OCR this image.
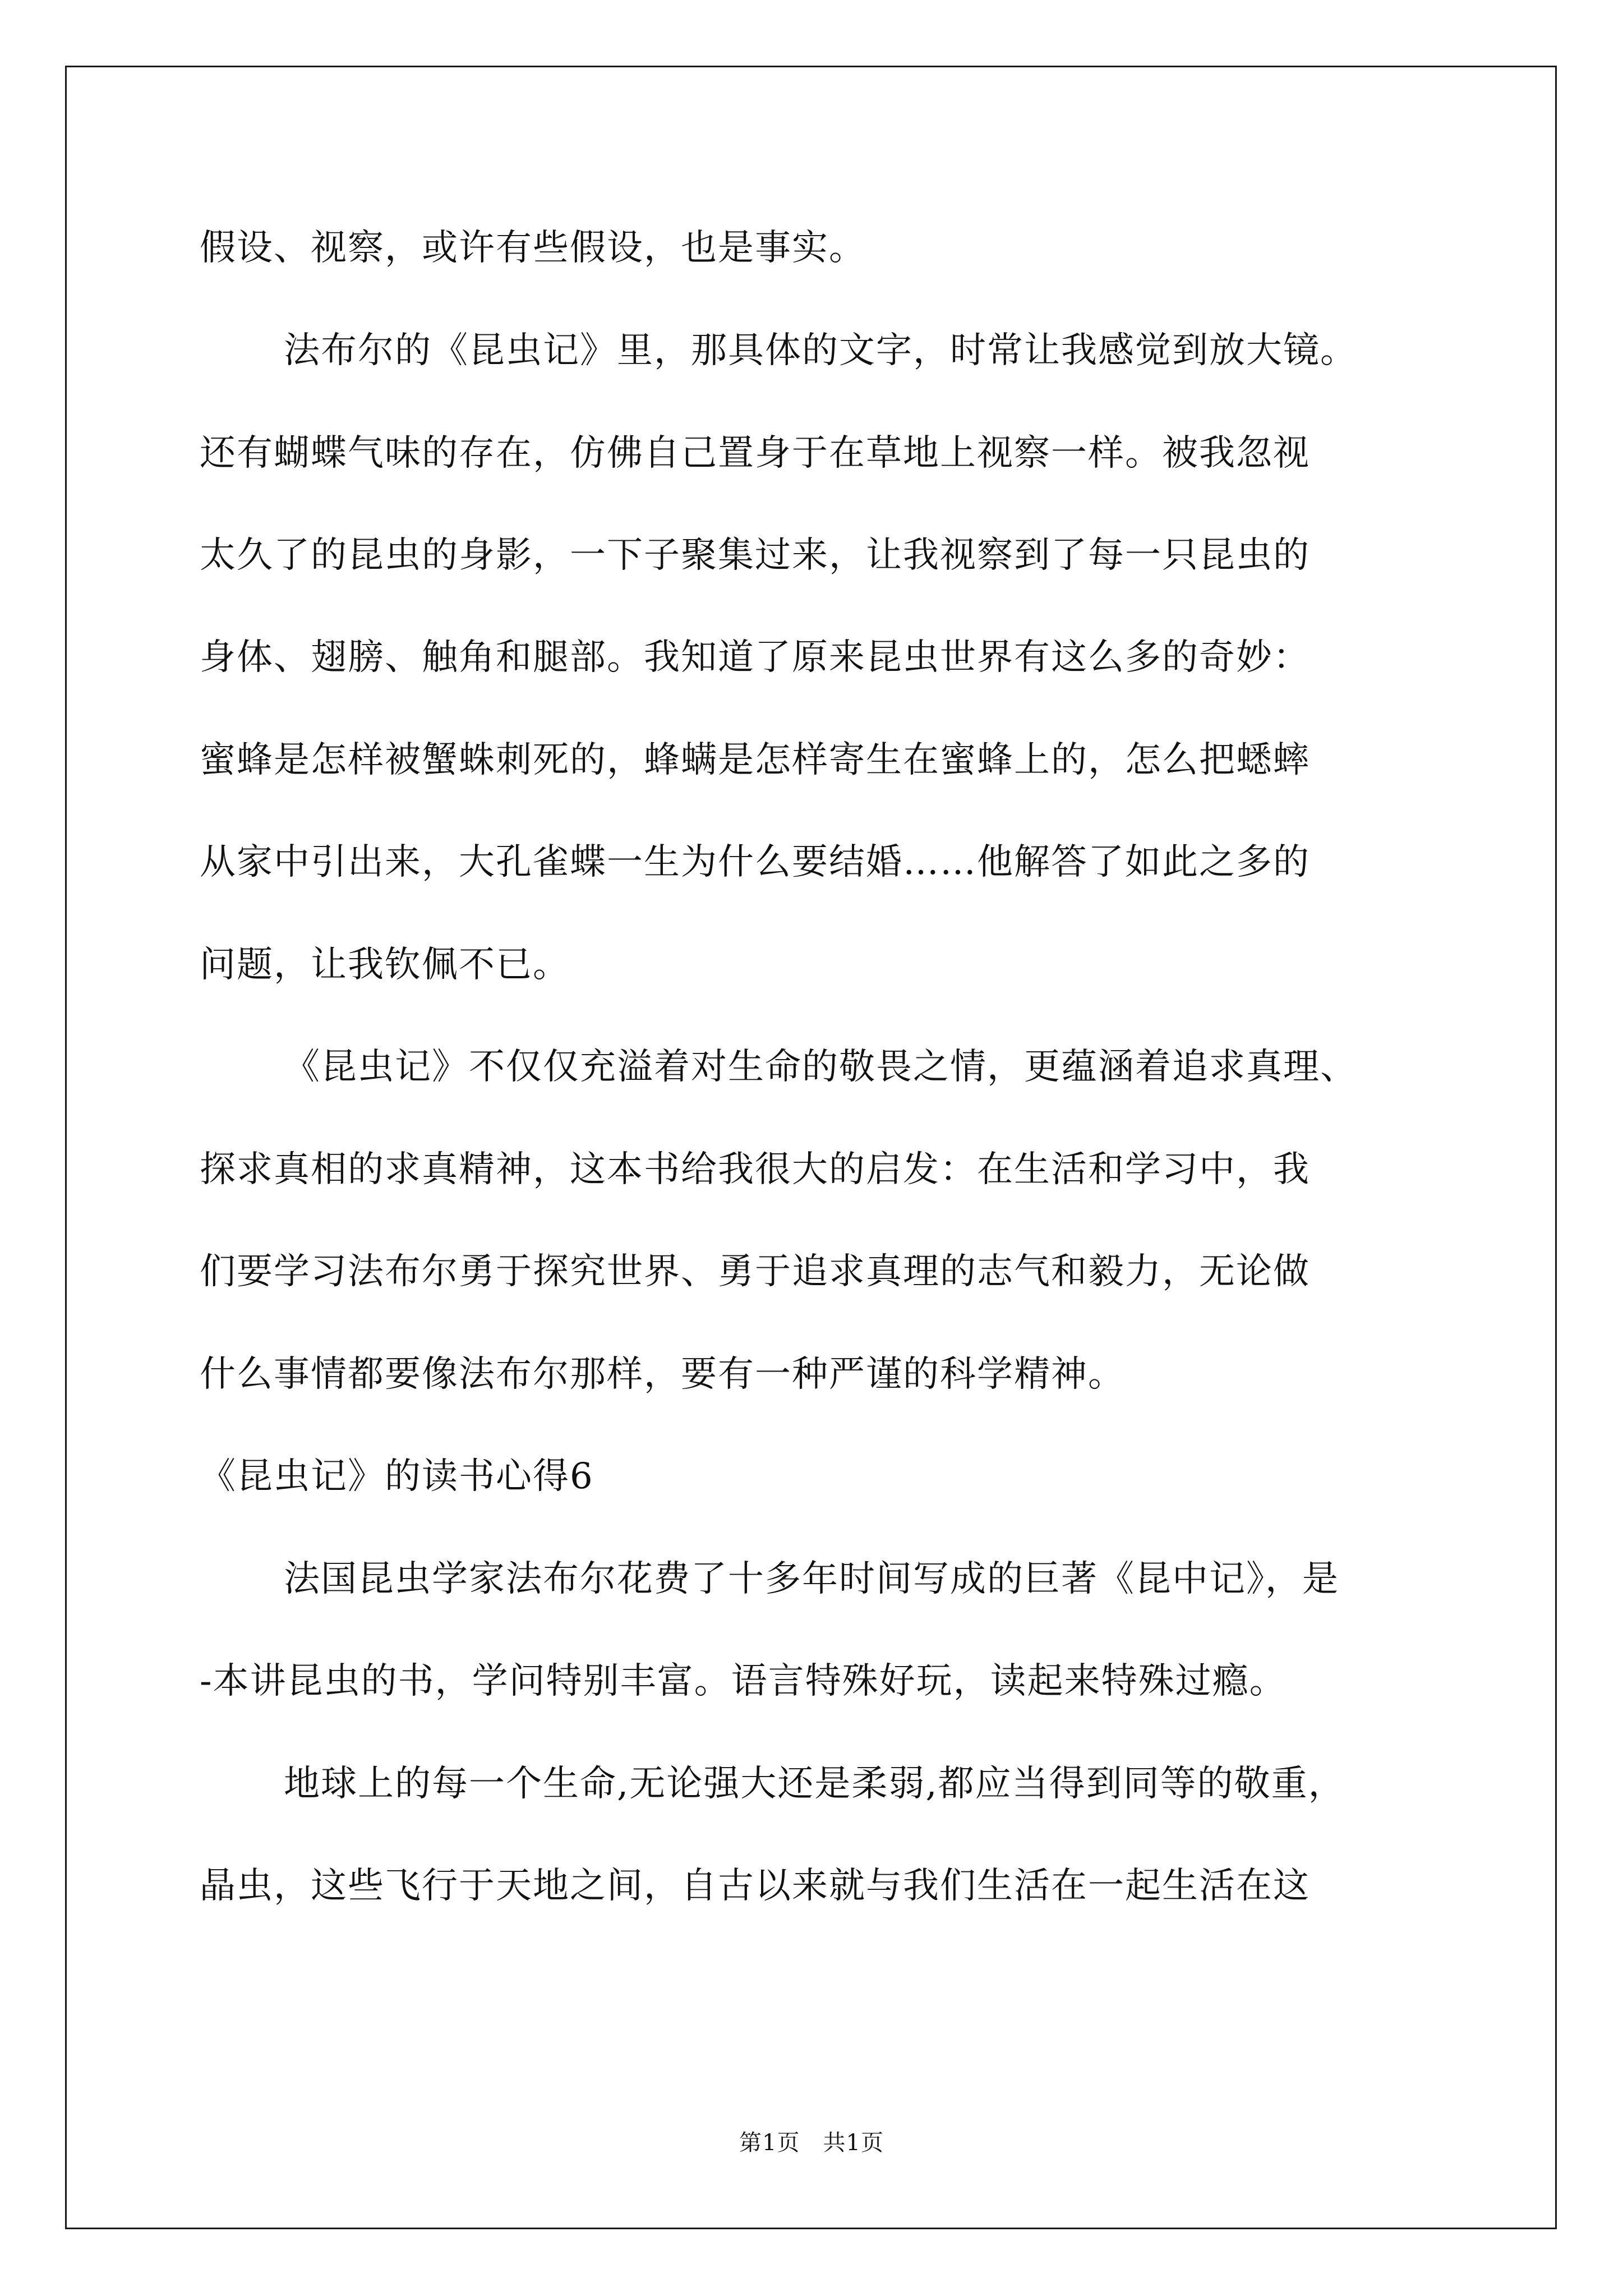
假设、视察，或许有些假设，也是事实。
法布尔的《昆虫记》里，那具体的文字，时常让我感觉到放大镜。
还有蝴蝶气味的存在，仿佛自己置身于在草地上视察一样。被我忽视
太久了的昆虫的身影，一下子聚集过来，让我视察到了每一只昆虫的
身体、翅膀、触角和腿部。我知道了原来昆虫世界有这么多的奇妙：
蜜蜂是怎样被蟹蛛刺死的，蜂螨是怎样寄生在蜜蜂上的，怎么把蟋蟀
从家中引出来，大孔雀蝶一生为什么要结婚……他解答了如此之多的
问题，让我钦佩不已。
《昆虫记》不仅仅充溢着对生命的敬畏之情，更蕴涵着追求真理、
探求真相的求真精神，这本书给我很大的启发：在生活和学习中，我
们要学习法布尔勇于探究世界、勇于追求真理的志气和毅力，无论做
什么事情都要像法布尔那样，要有一种严谨的科学精神。
《昆虫记》的读书心得6
法国昆虫学家法布尔花费了十多年时间写成的巨著《昆中记》，是
-本讲昆虫的书，学问特别丰富。语言特殊好玩，读起来特殊过瘾。
地球上的每一个生命,无论强大还是柔弱,都应当得到同等的敬重，
晶虫，这些飞行于天地之间，自古以来就与我们生活在一起生活在这
第1页　共1页
